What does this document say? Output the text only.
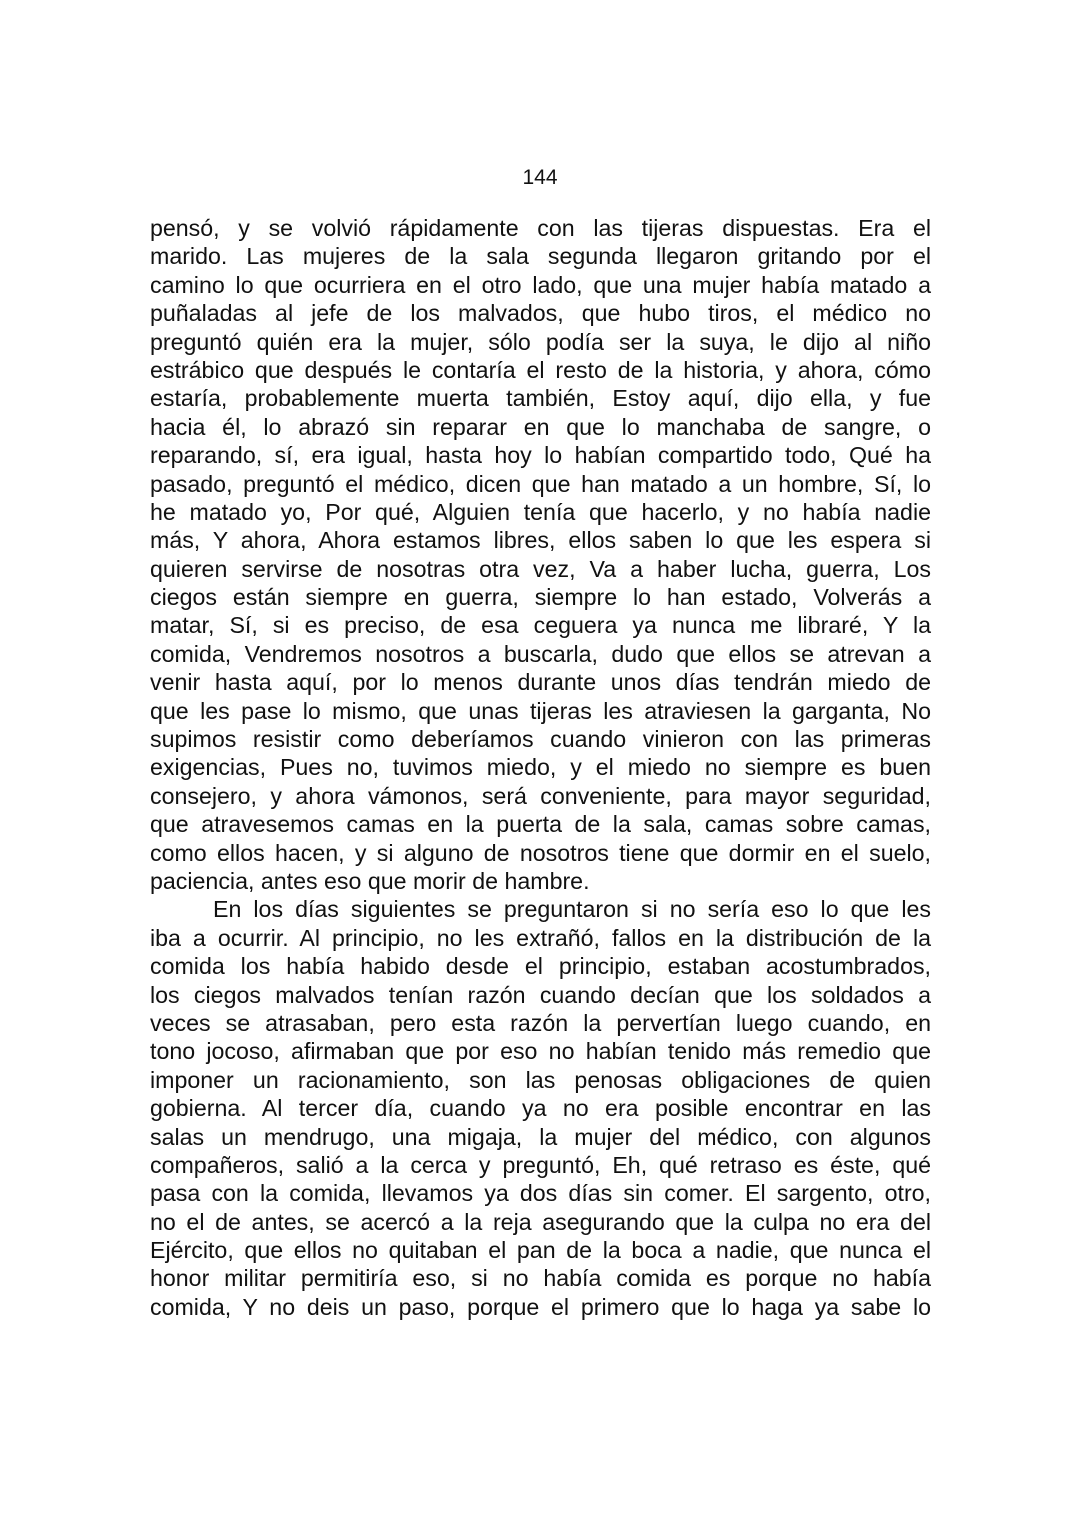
144
pensó, y se volvió rápidamente con las tijeras dispuestas. Era el
marido. Las mujeres de la sala segunda llegaron gritando por el
camino lo que ocurriera en el otro lado, que una mujer había matado a
puñaladas al jefe de los malvados, que hubo tiros, el médico no
preguntó quién era la mujer, sólo podía ser la suya, le dijo al niño
estrábico que después le contaría el resto de la historia, y ahora, cómo
estaría, probablemente muerta también, Estoy aquí, dijo ella, y fue
hacia él, lo abrazó sin reparar en que lo manchaba de sangre, o
reparando, sí, era igual, hasta hoy lo habían compartido todo, Qué ha
pasado, preguntó el médico, dicen que han matado a un hombre, Sí, lo
he matado yo, Por qué, Alguien tenía que hacerlo, y no había nadie
más, Y ahora, Ahora estamos libres, ellos saben lo que les espera si
quieren servirse de nosotras otra vez, Va a haber lucha, guerra, Los
ciegos están siempre en guerra, siempre lo han estado, Volverás a
matar, Sí, si es preciso, de esa ceguera ya nunca me libraré, Y la
comida, Vendremos nosotros a buscarla, dudo que ellos se atrevan a
venir hasta aquí, por lo menos durante unos días tendrán miedo de
que les pase lo mismo, que unas tijeras les atraviesen la garganta, No
supimos resistir como deberíamos cuando vinieron con las primeras
exigencias, Pues no, tuvimos miedo, y el miedo no siempre es buen
consejero, y ahora vámonos, será conveniente, para mayor seguridad,
que atravesemos camas en la puerta de la sala, camas sobre camas,
como ellos hacen, y si alguno de nosotros tiene que dormir en el suelo,
paciencia, antes eso que morir de hambre.
En los días siguientes se preguntaron si no sería eso lo que les
iba a ocurrir. Al principio, no les extrañó, fallos en la distribución de la
comida los había habido desde el principio, estaban acostumbrados,
los ciegos malvados tenían razón cuando decían que los soldados a
veces se atrasaban, pero esta razón la pervertían luego cuando, en
tono jocoso, afirmaban que por eso no habían tenido más remedio que
imponer un racionamiento, son las penosas obligaciones de quien
gobierna. Al tercer día, cuando ya no era posible encontrar en las
salas un mendrugo, una migaja, la mujer del médico, con algunos
compañeros, salió a la cerca y preguntó, Eh, qué retraso es éste, qué
pasa con la comida, llevamos ya dos días sin comer. El sargento, otro,
no el de antes, se acercó a la reja asegurando que la culpa no era del
Ejército, que ellos no quitaban el pan de la boca a nadie, que nunca el
honor militar permitiría eso, si no había comida es porque no había
comida, Y no deis un paso, porque el primero que lo haga ya sabe lo
